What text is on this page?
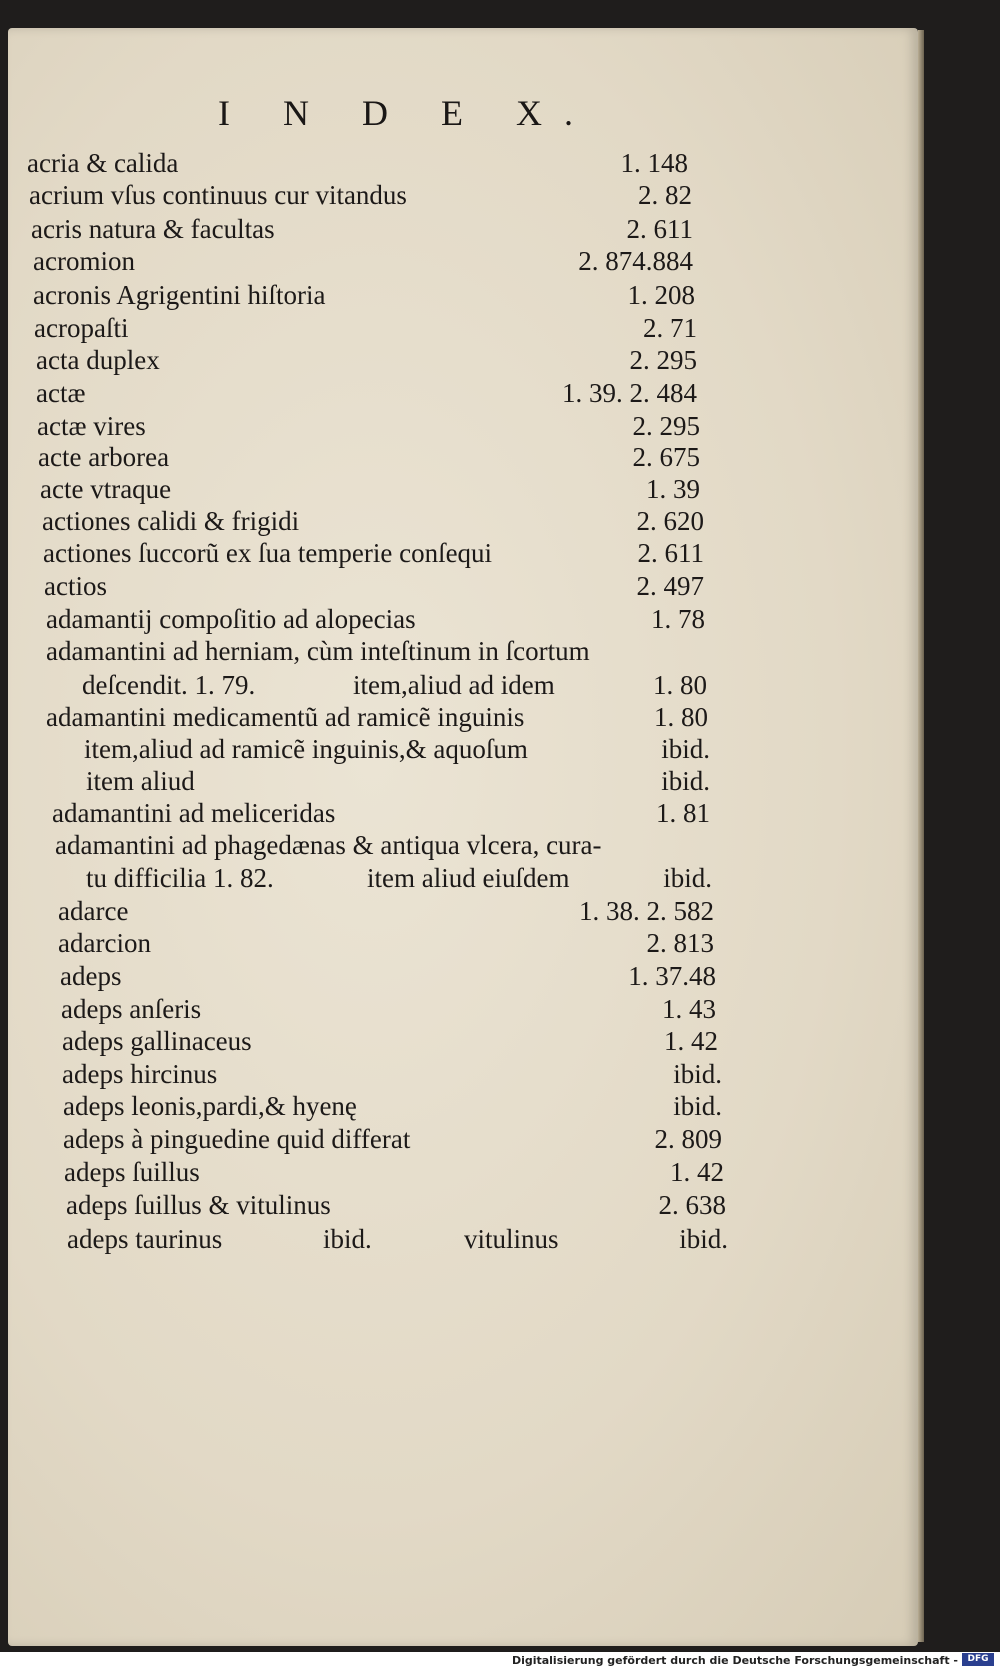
I N D E X.
acria & calida	1. 148
acrium vſus continuus cur vitandus	2. 82
acris natura & facultas	2. 611
acromion	2. 874.884
acronis Agrigentini hiſtoria	1. 208
acropaſti	2. 71
acta duplex	2. 295
actæ	1. 39. 2. 484
actæ vires	2. 295
acte arborea	2. 675
acte vtraque	1. 39
actiones calidi & frigidi	2. 620
actiones ſuccorũ ex ſua temperie conſequi	2. 611
actios	2. 497
adamantij compoſitio ad alopecias	1. 78
adamantini ad herniam, cùm inteſtinum in ſcortum
deſcendit. 1. 79.	item,aliud ad idem	1. 80
adamantini medicamentũ ad ramicẽ inguinis	1. 80
item,aliud ad ramicẽ inguinis,& aquoſum	ibid.
item aliud	ibid.
adamantini ad meliceridas	1. 81
adamantini ad phagedænas & antiqua vlcera, cura-
tu difficilia 1. 82.	item aliud eiuſdem	ibid.
adarce	1. 38. 2. 582
adarcion	2. 813
adeps	1. 37.48
adeps anſeris	1. 43
adeps gallinaceus	1. 42
adeps hircinus	ibid.
adeps leonis,pardi,& hyenę	ibid.
adeps à pinguedine quid differat	2. 809
adeps ſuillus	1. 42
adeps ſuillus & vitulinus	2. 638
adeps taurinus	ibid.	vitulinus	ibid.
Digitalisierung gefördert durch die Deutsche Forschungsgemeinschaft -	DFG
